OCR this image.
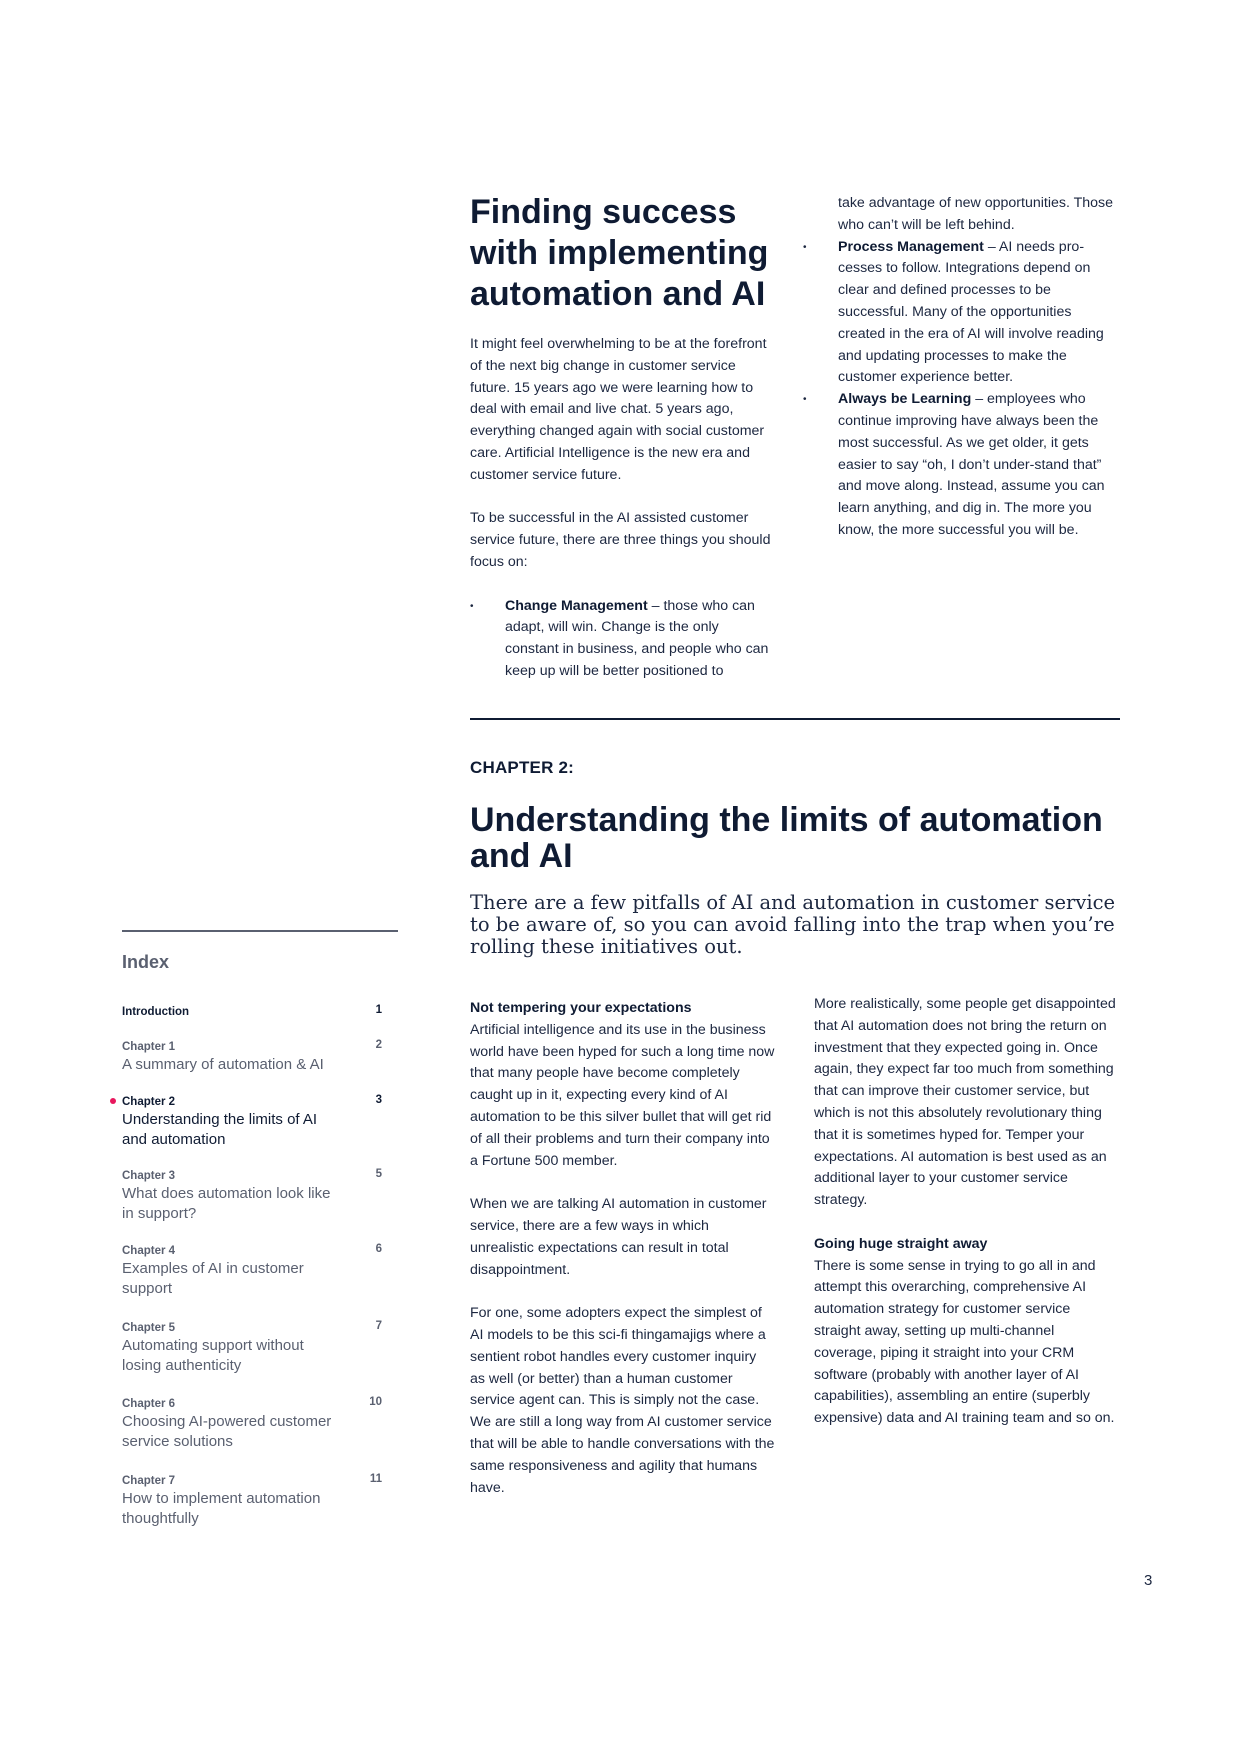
Finding success with implementing automation and AI

It might feel overwhelming to be at the forefront of the next big change in customer service future. 15 years ago we were learning how to deal with email and live chat. 5 years ago, everything changed again with social customer care. Artificial Intelligence is the new era and customer service future.

To be successful in the AI assisted customer service future, there are three things you should focus on:

• Change Management – those who can adapt, will win. Change is the only constant in business, and people who can keep up will be better positioned to
take advantage of new opportunities. Those who can’t will be left behind.
• Process Management – AI needs pro-cesses to follow. Integrations depend on clear and defined processes to be successful. Many of the opportunities created in the era of AI will involve reading and updating processes to make the customer experience better.
• Always be Learning – employees who continue improving have always been the most successful. As we get older, it gets easier to say “oh, I don’t under-stand that” and move along. Instead, assume you can learn anything, and dig in. The more you know, the more successful you will be.
CHAPTER 2:
Understanding the limits of automation and AI

There are a few pitfalls of AI and automation in customer service to be aware of, so you can avoid falling into the trap when you’re rolling these initiatives out.

Not tempering your expectations

Artificial intelligence and its use in the business world have been hyped for such a long time now that many people have become completely caught up in it, expecting every kind of AI automation to be this silver bullet that will get rid of all their problems and turn their company into a Fortune 500 member.

When we are talking AI automation in customer service, there are a few ways in which unrealistic expectations can result in total disappointment.

For one, some adopters expect the simplest of AI models to be this sci-fi thingamajigs where a sentient robot handles every customer inquiry as well (or better) than a human customer service agent can. This is simply not the case. We are still a long way from AI customer service that will be able to handle conversations with the same responsiveness and agility that humans have.

More realistically, some people get disappointed that AI automation does not bring the return on investment that they expected going in. Once again, they expect far too much from something that can improve their customer service, but which is not this absolutely revolutionary thing that it is sometimes hyped for. Temper your expectations. AI automation is best used as an additional layer to your customer service strategy.

Going huge straight away

There is some sense in trying to go all in and attempt this overarching, comprehensive AI automation strategy for customer service straight away, setting up multi-channel coverage, piping it straight into your CRM software (probably with another layer of AI capabilities), assembling an entire (superbly expensive) data and AI training team and so on.

Index
Introduction	1
Chapter 1
A summary of automation & AI
2
Chapter 2
Understanding the limits of AI and automation
3
Chapter 3
What does automation look like in support?
5
Chapter 4
Examples of AI in customer support
6
Chapter 5
Automating support without losing authenticity
7
Chapter 6
Choosing AI-powered customer service solutions
10
Chapter 7
How to implement automation thoughtfully
11
3
